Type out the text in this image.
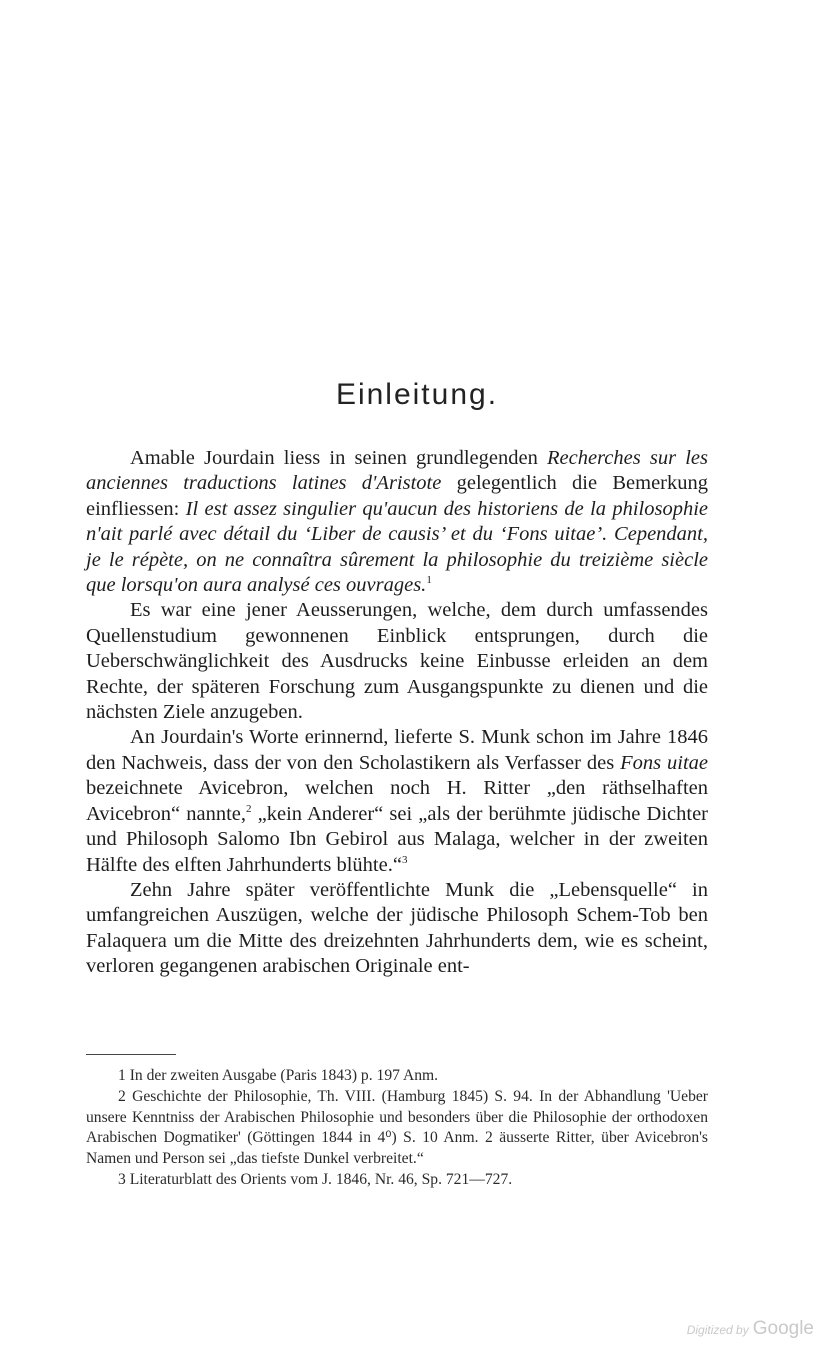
Einleitung.

Amable Jourdain liess in seinen grundlegenden Recherches sur les anciennes traductions latines d'Aristote gelegentlich die Bemerkung einfliessen: Il est assez singulier qu'aucun des historiens de la philosophie n'ait parlé avec détail du ‘Liber de causis’ et du ‘Fons uitae’. Cependant, je le répète, on ne connaîtra sûrement la philosophie du treizième siècle que lorsqu'on aura analysé ces ouvrages.$^1$

Es war eine jener Aeusserungen, welche, dem durch umfassendes Quellenstudium gewonnenen Einblick entsprungen, durch die Ueberschwänglichkeit des Ausdrucks keine Einbusse erleiden an dem Rechte, der späteren Forschung zum Ausgangspunkte zu dienen und die nächsten Ziele anzugeben.

An Jourdain's Worte erinnernd, lieferte S. Munk schon im Jahre 1846 den Nachweis, dass der von den Scholastikern als Verfasser des Fons uitae bezeichnete Avicebron, welchen noch H. Ritter „den räthselhaften Avicebron“ nannte,$^2$ „kein Anderer“ sei „als der berühmte jüdische Dichter und Philosoph Salomo Ibn Gebirol aus Malaga, welcher in der zweiten Hälfte des elften Jahrhunderts blühte.“$^3$

Zehn Jahre später veröffentlichte Munk die „Lebensquelle“ in umfangreichen Auszügen, welche der jüdische Philosoph Schem-Tob ben Falaquera um die Mitte des dreizehnten Jahrhunderts dem, wie es scheint, verloren gegangenen arabischen Originale ent-

1 In der zweiten Ausgabe (Paris 1843) p. 197 Anm.

2 Geschichte der Philosophie, Th. VIII. (Hamburg 1845) S. 94. In der Abhandlung 'Ueber unsere Kenntniss der Arabischen Philosophie und besonders über die Philosophie der orthodoxen Arabischen Dogmatiker' (Göttingen 1844 in 4⁰) S. 10 Anm. 2 äusserte Ritter, über Avicebron's Namen und Person sei „das tiefste Dunkel verbreitet.“

3 Literaturblatt des Orients vom J. 1846, Nr. 46, Sp. 721—727.

Digitized by Google
